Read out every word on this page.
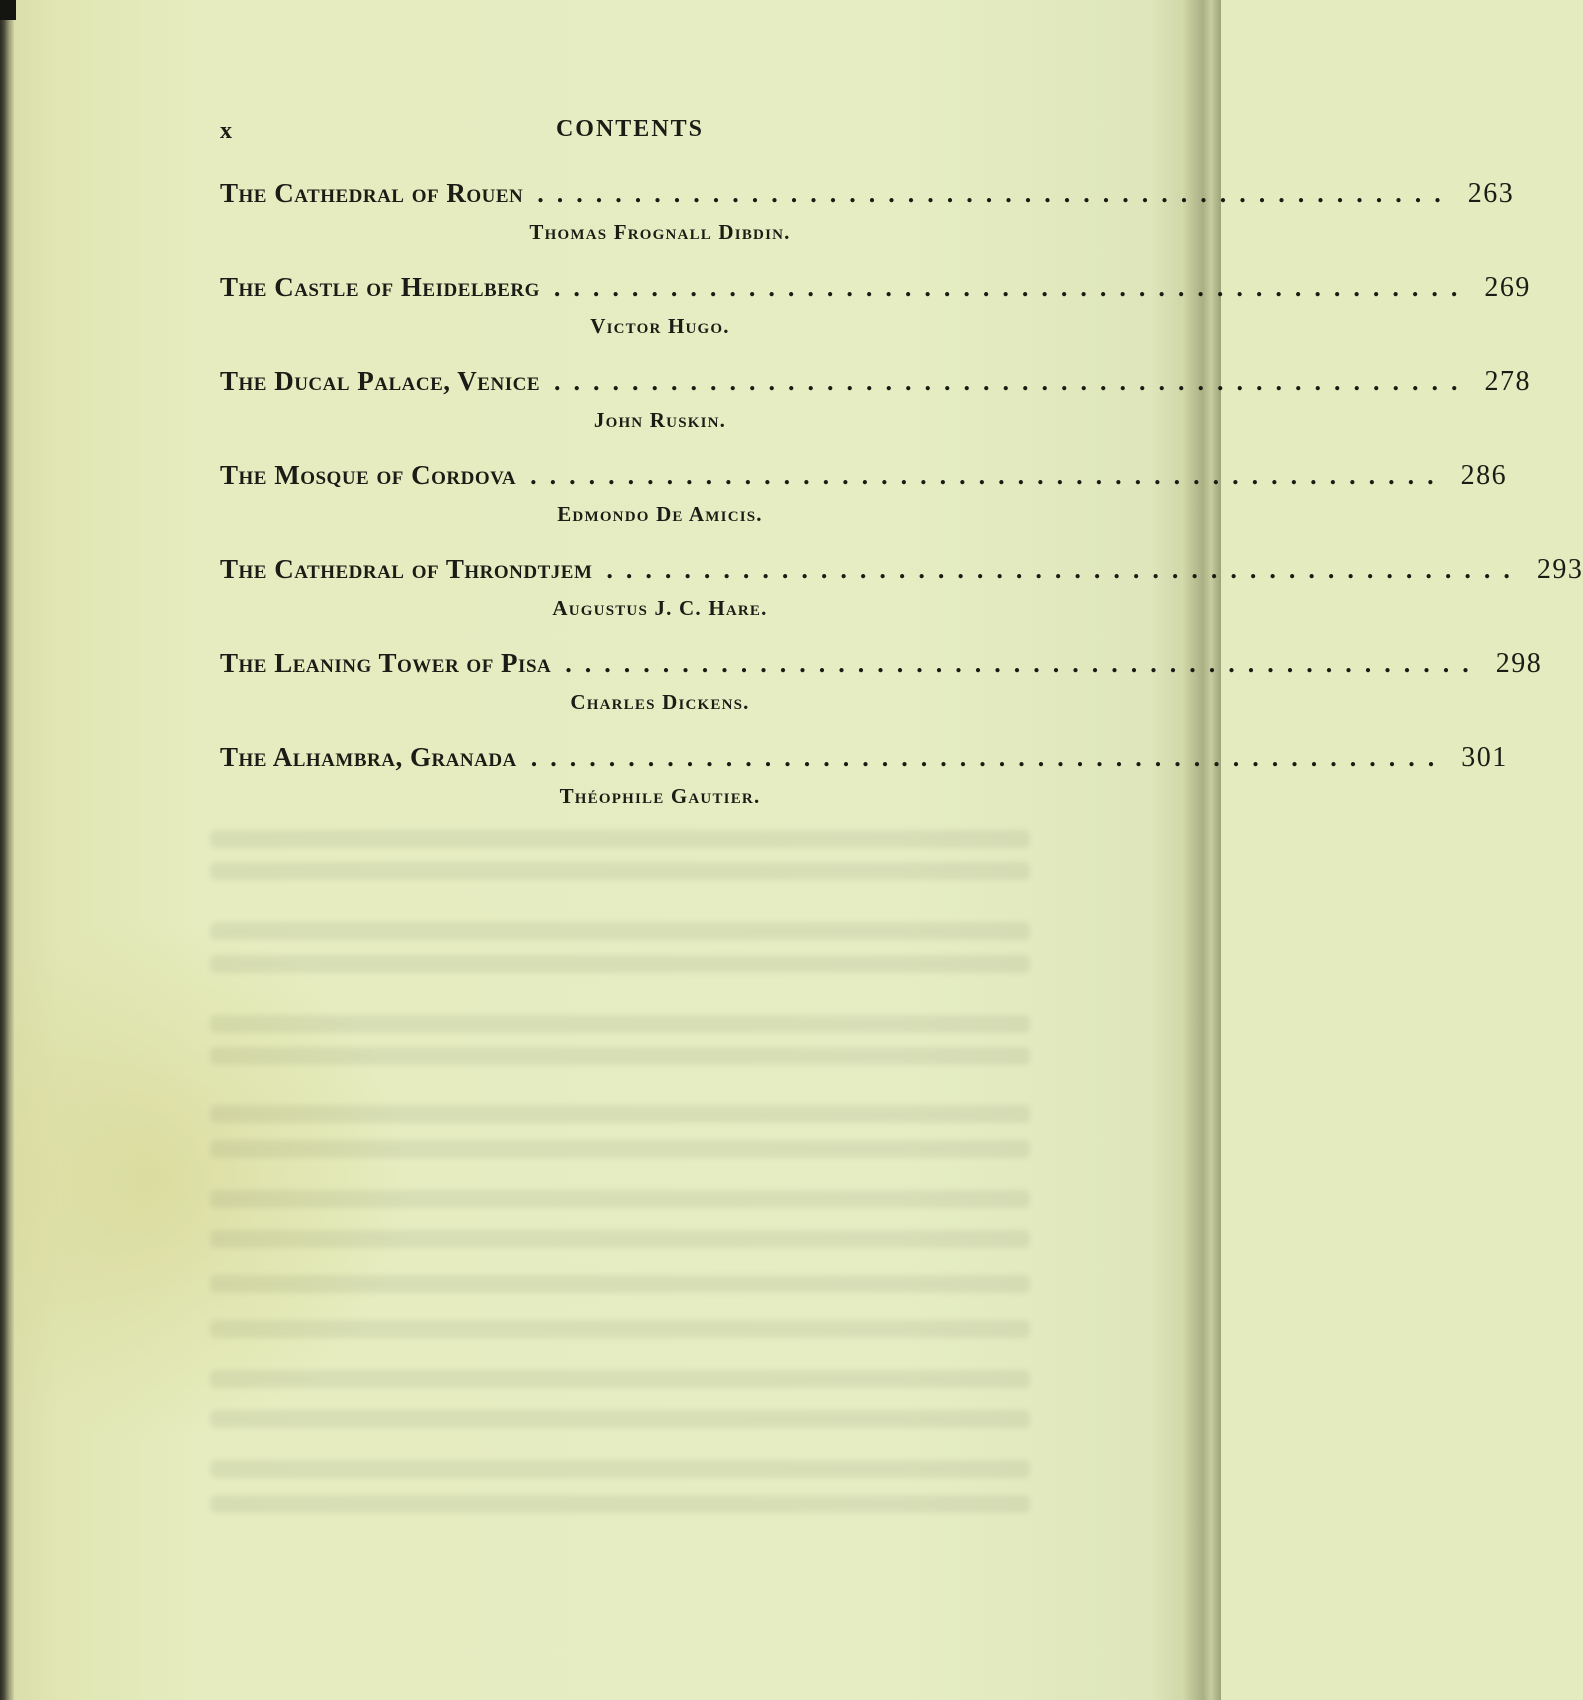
x	CONTENTS
The Cathedral of Rouen ............................................... 263
Thomas Frognall Dibdin.
The Castle of Heidelberg ............................................... 269
Victor Hugo.
The Ducal Palace, Venice ............................................... 278
John Ruskin.
The Mosque of Cordova ............................................... 286
Edmondo De Amicis.
The Cathedral of Throndtjem ............................................... 293
Augustus J. C. Hare.
The Leaning Tower of Pisa ............................................... 298
Charles Dickens.
The Alhambra, Granada ............................................... 301
Théophile Gautier.
